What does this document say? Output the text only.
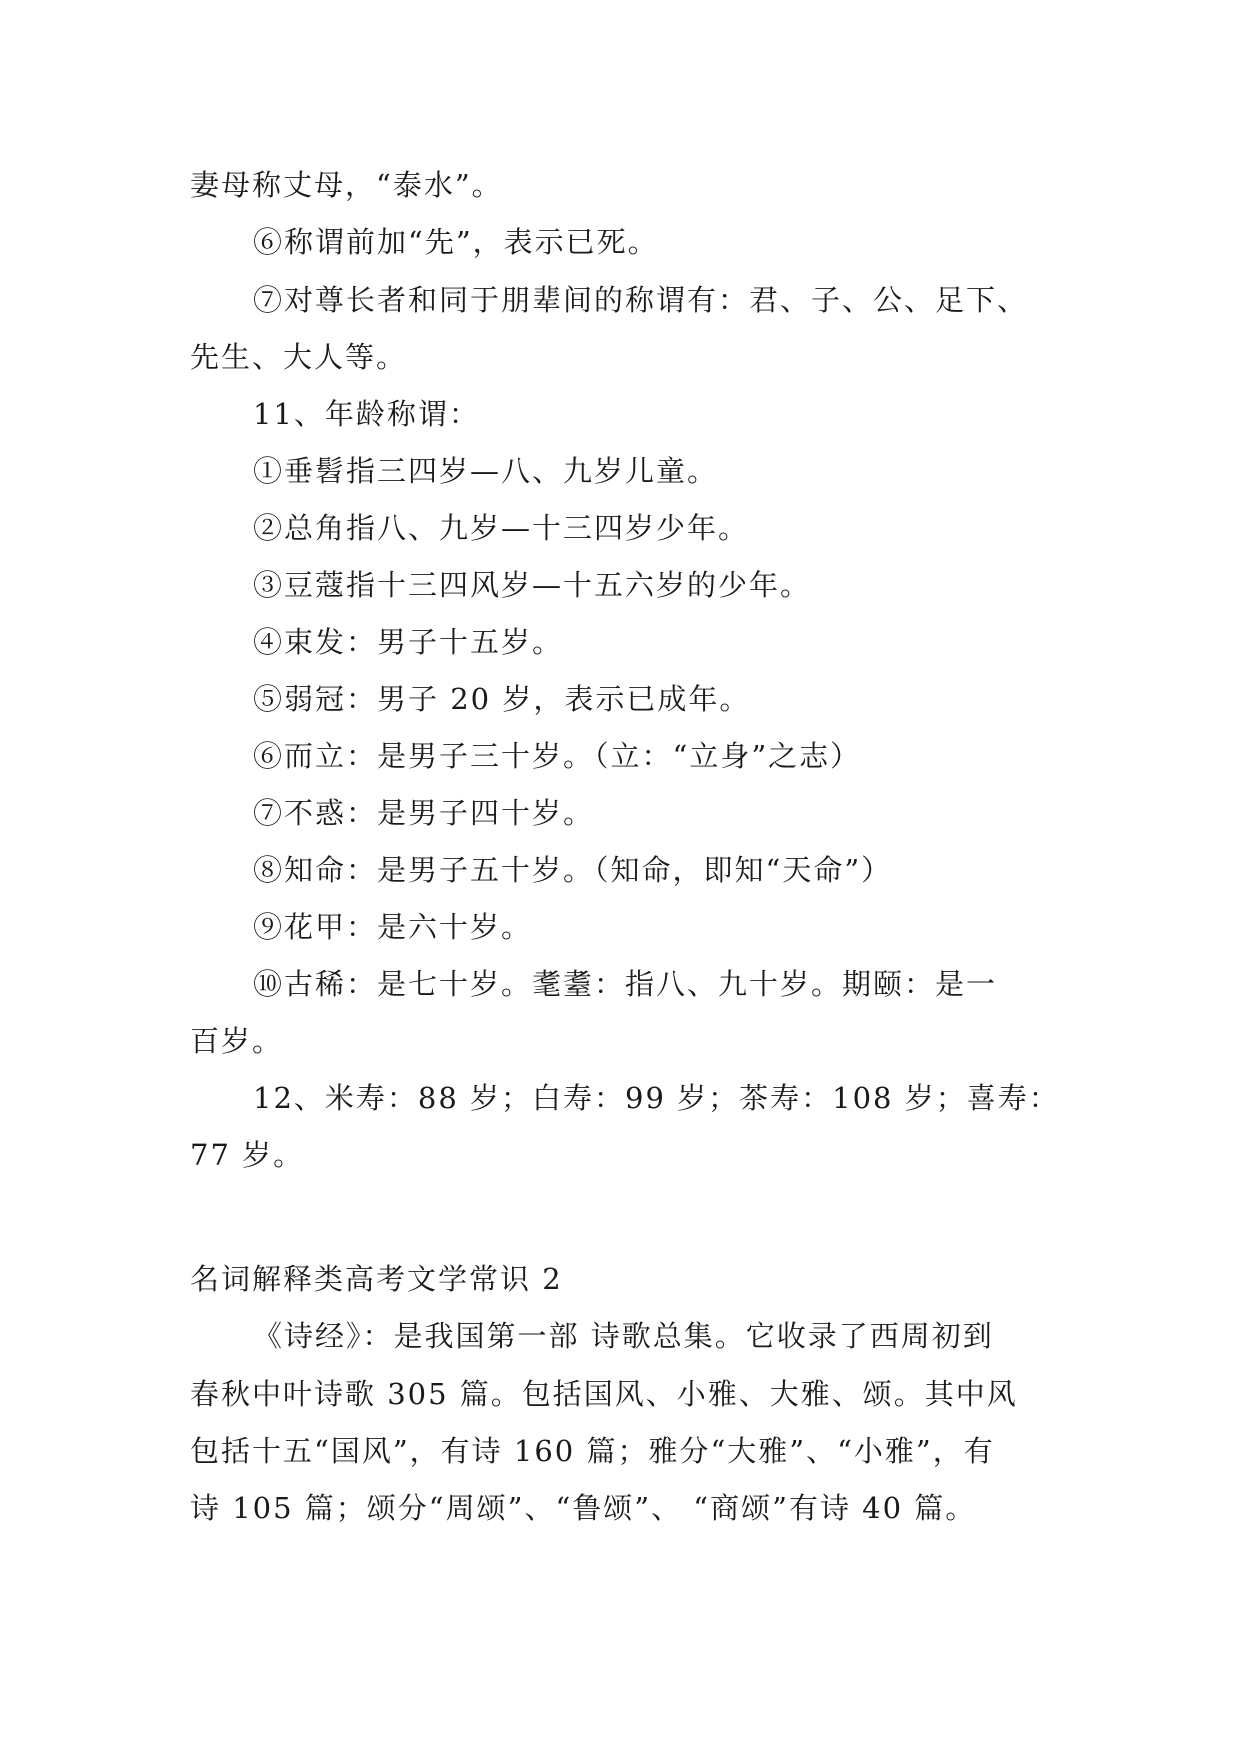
妻母称丈母，“泰水”。
⑥称谓前加“先”，表示已死。
⑦对尊长者和同于朋辈间的称谓有：君、子、公、足下、
先生、大人等。
11、年龄称谓：
①垂髫指三四岁—八、九岁儿童。
②总角指八、九岁—十三四岁少年。
③豆蔻指十三四风岁—十五六岁的少年。
④束发：男子十五岁。
⑤弱冠：男子 20 岁，表示已成年。
⑥而立：是男子三十岁。（立：“立身”之志）
⑦不惑：是男子四十岁。
⑧知命：是男子五十岁。（知命，即知“天命”）
⑨花甲：是六十岁。
⑩古稀：是七十岁。耄耋：指八、九十岁。期颐：是一
百岁。
12、米寿：88 岁；白寿：99 岁；茶寿：108 岁；喜寿：
77 岁。
名词解释类高考文学常识 2
《诗经》：是我国第一部 诗歌总集。它收录了西周初到
春秋中叶诗歌 305 篇。包括国风、小雅、大雅、颂。其中风
包括十五“国风”，有诗 160 篇；雅分“大雅”、“小雅”，有
诗 105 篇；颂分“周颂”、“鲁颂”、 “商颂”有诗 40 篇。
